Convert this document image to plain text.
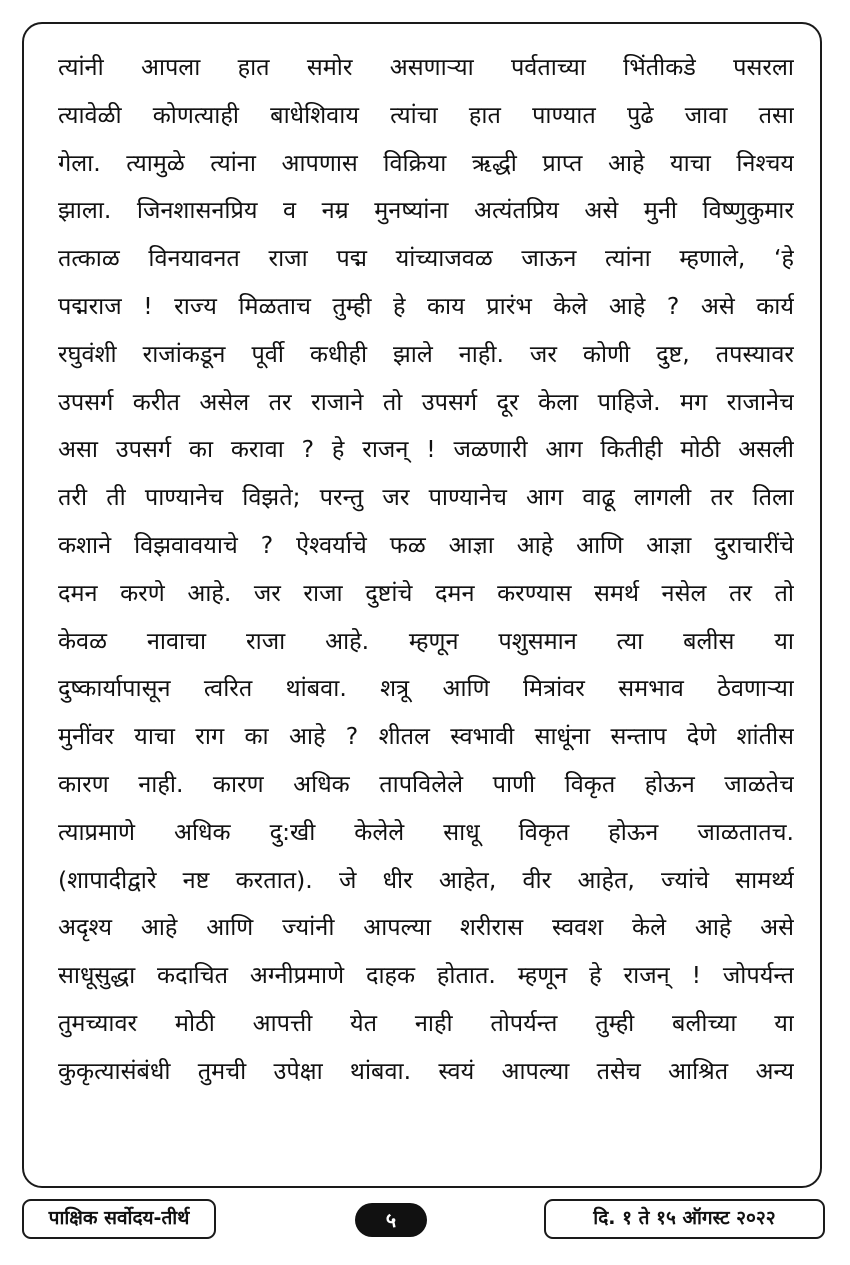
त्यांनी आपला हात समोर असणाऱ्या पर्वताच्या भिंतीकडे पसरला
त्यावेळी कोणत्याही बाधेशिवाय त्यांचा हात पाण्यात पुढे जावा तसा
गेला. त्यामुळे त्यांना आपणास विक्रिया ऋद्धी प्राप्त आहे याचा निश्चय
झाला. जिनशासनप्रिय व नम्र मुनष्यांना अत्यंतप्रिय असे मुनी विष्णुकुमार
तत्काळ विनयावनत राजा पद्म यांच्याजवळ जाऊन त्यांना म्हणाले, ‘हे
पद्मराज ! राज्य मिळताच तुम्ही हे काय प्रारंभ केले आहे ? असे कार्य
रघुवंशी राजांकडून पूर्वी कधीही झाले नाही. जर कोणी दुष्ट, तपस्यावर
उपसर्ग करीत असेल तर राजाने तो उपसर्ग दूर केला पाहिजे. मग राजानेच
असा उपसर्ग का करावा ? हे राजन् ! जळणारी आग कितीही मोठी असली
तरी ती पाण्यानेच विझते; परन्तु जर पाण्यानेच आग वाढू लागली तर तिला
कशाने विझवावयाचे ? ऐश्वर्याचे फळ आज्ञा आहे आणि आज्ञा दुराचारींचे
दमन करणे आहे. जर राजा दुष्टांचे दमन करण्यास समर्थ नसेल तर तो
केवळ नावाचा राजा आहे. म्हणून पशुसमान त्या बलीस या
दुष्कार्यापासून त्वरित थांबवा. शत्रू आणि मित्रांवर समभाव ठेवणाऱ्या
मुनींवर याचा राग का आहे ? शीतल स्वभावी साधूंना सन्ताप देणे शांतीस
कारण नाही. कारण अधिक तापविलेले पाणी विकृत होऊन जाळतेच
त्याप्रमाणे अधिक दु:खी केलेले साधू विकृत होऊन जाळतातच.
(शापादीद्वारे नष्ट करतात). जे धीर आहेत, वीर आहेत, ज्यांचे सामर्थ्य
अदृश्य आहे आणि ज्यांनी आपल्या शरीरास स्ववश केले आहे असे
साधूसुद्धा कदाचित अग्नीप्रमाणे दाहक होतात. म्हणून हे राजन् ! जोपर्यन्त
तुमच्यावर मोठी आपत्ती येत नाही तोपर्यन्त तुम्ही बलीच्या या
कुकृत्यासंबंधी तुमची उपेक्षा थांबवा. स्वयं आपल्या तसेच आश्रित अन्य
पाक्षिक सर्वोदय-तीर्थ	५	दि. १ ते १५ ऑगस्ट २०२२
